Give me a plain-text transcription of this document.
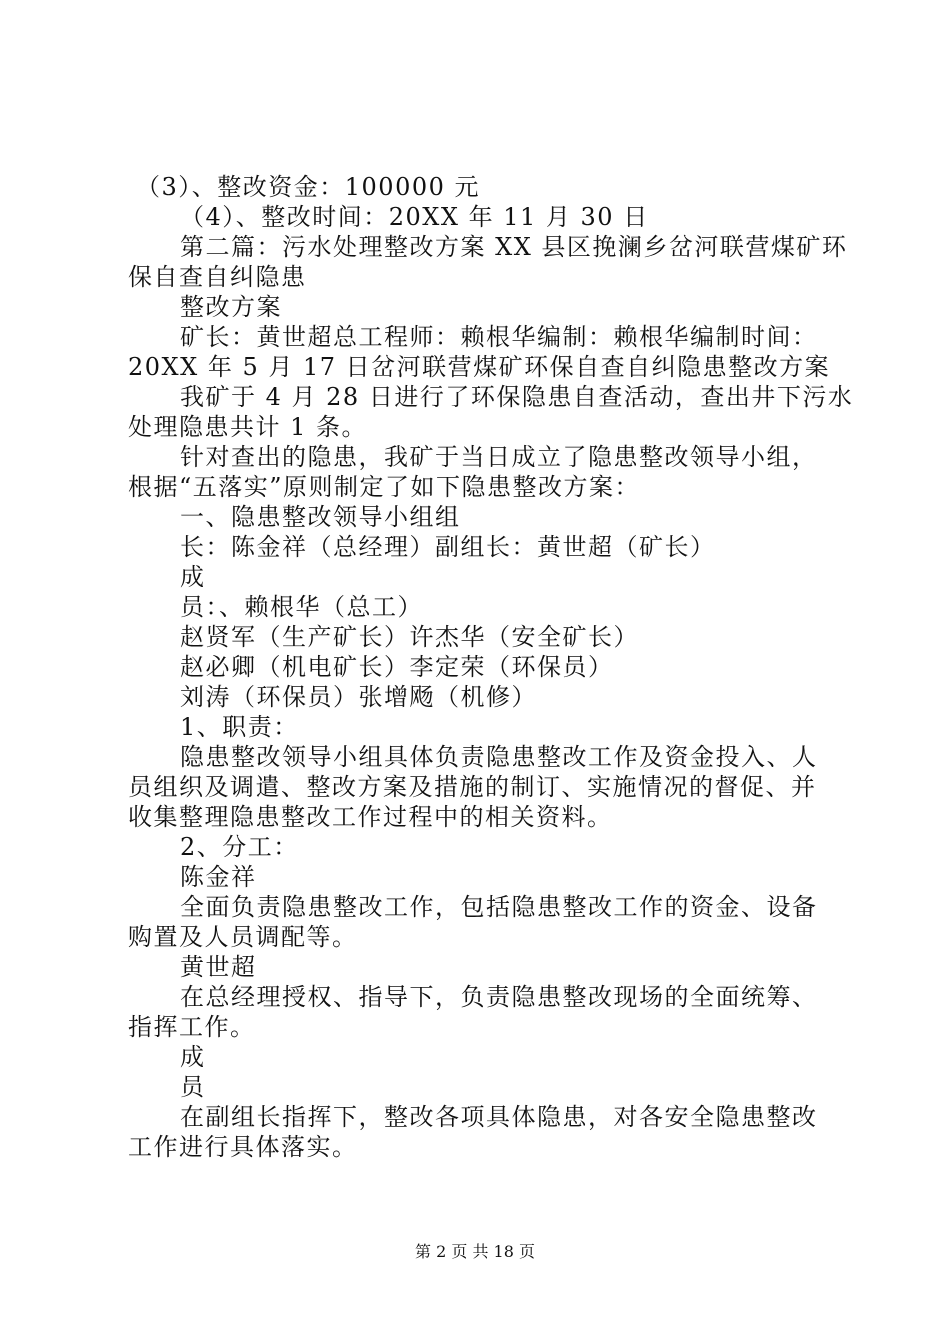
（3）、整改资金：100000 元
（4）、整改时间：20XX 年 11 月 30 日
第二篇：污水处理整改方案 XX 县区挽澜乡岔河联营煤矿环
保自查自纠隐患
整改方案
矿长：黄世超总工程师：赖根华编制：赖根华编制时间：
20XX 年 5 月 17 日岔河联营煤矿环保自查自纠隐患整改方案
我矿于 4 月 28 日进行了环保隐患自查活动，查出井下污水
处理隐患共计 1 条。
针对查出的隐患，我矿于当日成立了隐患整改领导小组，
根据“五落实”原则制定了如下隐患整改方案：
一、隐患整改领导小组组
长：陈金祥（总经理）副组长：黄世超（矿长）
成
员：、赖根华（总工）
赵贤军（生产矿长）许杰华（安全矿长）
赵必卿（机电矿长）李定荣（环保员）
刘涛（环保员）张增飏（机修）
1、职责：
隐患整改领导小组具体负责隐患整改工作及资金投入、人
员组织及调遣、整改方案及措施的制订、实施情况的督促、并
收集整理隐患整改工作过程中的相关资料。
2、分工：
陈金祥
全面负责隐患整改工作，包括隐患整改工作的资金、设备
购置及人员调配等。
黄世超
在总经理授权、指导下，负责隐患整改现场的全面统筹、
指挥工作。
成
员
在副组长指挥下，整改各项具体隐患，对各安全隐患整改
工作进行具体落实。
第 2 页 共 18 页
